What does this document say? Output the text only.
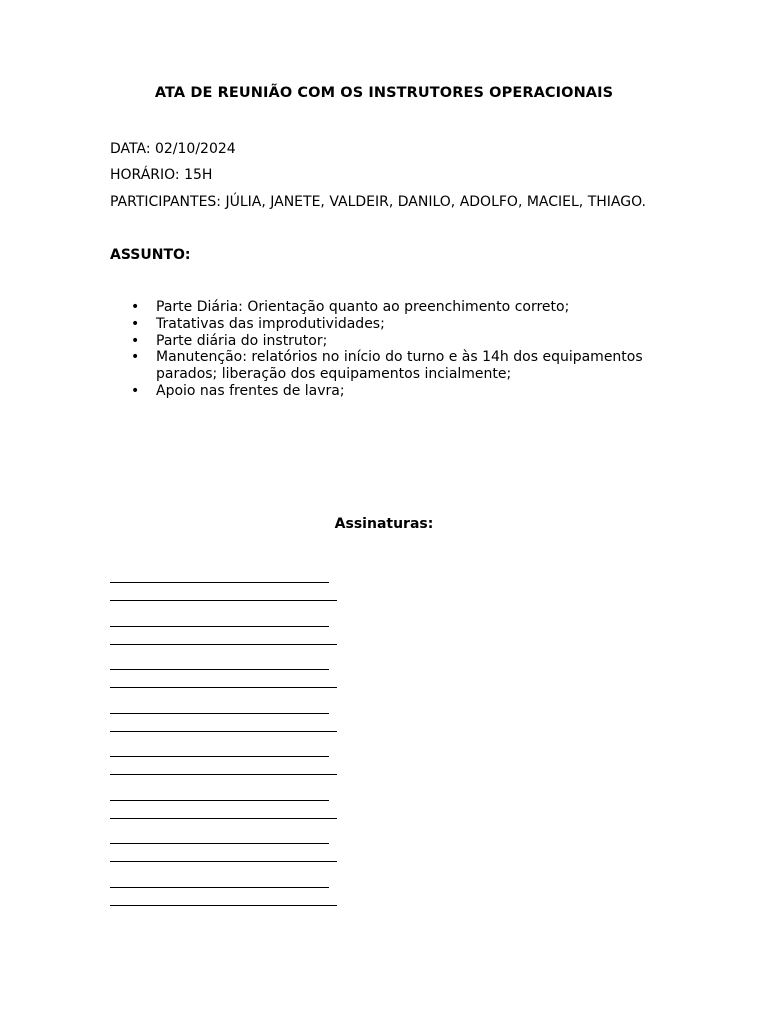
ATA DE REUNIÃO COM OS INSTRUTORES OPERACIONAIS
DATA: 02/10/2024
HORÁRIO: 15H
PARTICIPANTES: JÚLIA, JANETE, VALDEIR, DANILO, ADOLFO, MACIEL, THIAGO.
ASSUNTO:
• Parte Diária: Orientação quanto ao preenchimento correto;
• Tratativas das improdutividades;
• Parte diária do instrutor;
• Manutenção: relatórios no início do turno e às 14h dos equipamentos parados; liberação dos equipamentos incialmente;
• Apoio nas frentes de lavra;
Assinaturas:
